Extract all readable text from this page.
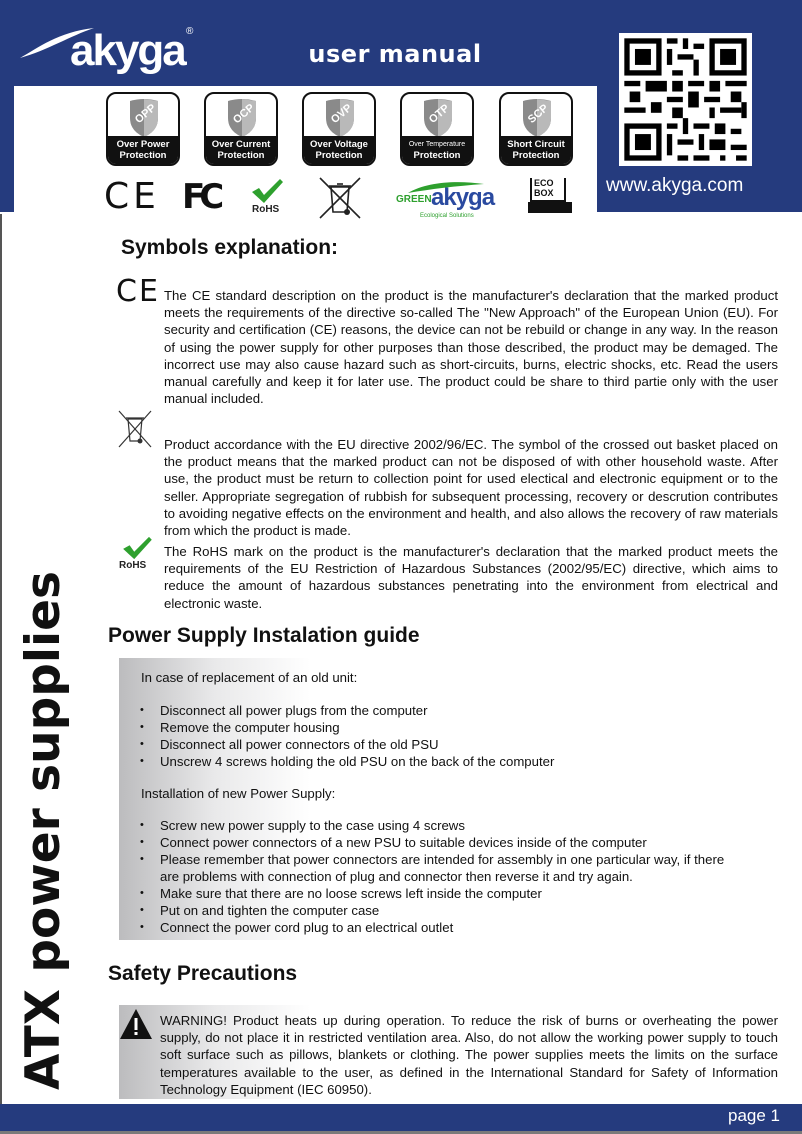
akyga ®
user manual
www.akyga.com
OPP
Over Power
Protection
OCP
Over Current
Protection
OVP
Over Voltage
Protection
OTP
Over Temperature
Protection
SCP
Short Circuit
Protection
CE FC	RoHS
GREEN akyga
Ecological Solutions
ECO
BOX
ATX power supplies
Symbols explanation:
CE The CE standard description on the product is the manufacturer's declaration that the marked product meets the requirements of the directive so-called The "New Approach" of the European Union (EU). For security and certification (CE) reasons, the device can not be rebuild or change in any way. In the reason of using the power supply for other purposes than those described, the product may be demaged. The incorrect use may also cause hazard such as short-circuits, burns, electric shocks, etc. Read the users manual carefully and keep it for later use. The product could be share to third partie only with the user manual included.
Product accordance with the EU directive 2002/96/EC. The symbol of the crossed out basket placed on the product means that the marked product can not be disposed of with other household waste. After use, the product must be return to collection point for used electical and electronic equipment or to the seller. Appropriate segregation of rubbish for subsequent processing, recovery or descrution contributes to avoiding negative effects on the environment and health, and also allows the recovery of raw materials from which the product is made.
RoHS
The RoHS mark on the product is the manufacturer's declaration that the marked product meets the requirements of the EU Restriction of Hazardous Substances (2002/95/EC) directive, which aims to reduce the amount of hazardous substances penetrating into the environment from electrical and electronic waste.
Power Supply Instalation guide
In case of replacement of an old unit:
• Disconnect all power plugs from the computer
• Remove the computer housing
• Disconnect all power connectors of the old PSU
• Unscrew 4 screws holding the old PSU on the back of the computer
Installation of new Power Supply:
• Screw new power supply to the case using 4 screws
• Connect power connectors of a new PSU to suitable devices inside of the computer
• Please remember that power connectors are intended for assembly in one particular way, if there are problems with connection of plug and connector then reverse it and try again.
• Make sure that there are no loose screws left inside the computer
• Put on and tighten the computer case
• Connect the power cord plug to an electrical outlet
Safety Precautions
WARNING! Product heats up during operation. To reduce the risk of burns or overheating the power supply, do not place it in restricted ventilation area. Also, do not allow the working power supply to touch soft surface such as pillows, blankets or clothing. The power supplies meets the limits on the surface temperatures available to the user, as defined in the International Standard for Safety of Information Technology Equipment (IEC 60950).
page 1
